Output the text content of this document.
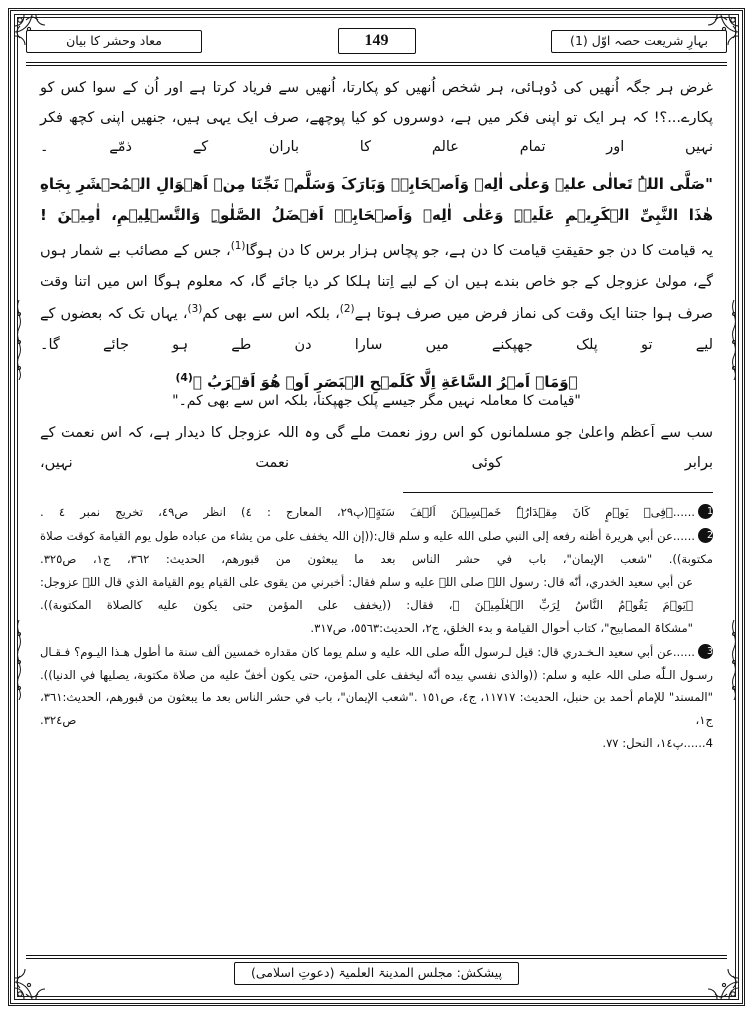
بہارِ شریعت حصہ اوّل (1)
149
معاد وحشر کا بیان

غرض ہر جگہ اُنھیں کی دُوہائی، ہر شخص اُنھیں کو پکارتا، اُنھیں سے فریاد کرتا ہے اور اُن کے سوا کس کو پکارے...؟! کہ ہر ایک تو اپنی فکر میں ہے، دوسروں کو کیا پوچھے، صرف ایک یہی ہیں، جنھیں اپنی کچھ فکر نہیں اور تمام عالم کا باران کے ذمّے ۔

"صَلَّی اللہُ تَعالٰی علیہ وَعلٰی اٰلِهٖ وَاَصۡحَابِہٖ وَبَارَکَ وَسَلَّمۡ نَجِّنَا مِنۡ اَهۡوَالِ الۡمُحۡشَرِ بِجَاهِ هٰذَا النَّبِیِّ الۡکَرِیۡمِ عَلَیۡہِ وَعَلٰی اٰلِهٖ وَاَصۡحَابِہٖ اَفۡضَلُ الصَّلٰوۃِ وَالتَّسۡلِیۡمِ، اٰمِیۡنَ !

یہ قیامت کا دن جو حقیقتِ قیامت کا دن ہے، جو پچاس ہزار برس کا دن ہوگا$^{(1)}$، جس کے مصائب بے شمار ہوں گے، مولیٰ عزوجل کے جو خاص بندے ہیں ان کے لیے اِتنا ہلکا کر دیا جائے گا، کہ معلوم ہوگا اس میں اتنا وقت صرف ہوا جتنا ایک وقت کی نماز فرض میں صرف ہوتا ہے$^{(2)}$، بلکہ اس سے بھی کم$^{(3)}$، یہاں تک کہ بعضوں کے لیے تو پلک جھپکنے میں سارا دن طے ہو جائے گا۔

﴿وَمَاۤ اَمۡرُ السَّاعَةِ اِلَّا کَلَمۡحِ الۡبَصَرِ اَوۡ هُوَ اَقۡرَبُ ﴾$^{(4)}$

"قیامت کا معاملہ نہیں مگر جیسے پلک جھپکنا، بلکہ اس سے بھی کم۔"

سب سے اَعظم واعلیٰ جو مسلمانوں کو اس روز نعمت ملے گی وہ اللہ عزوجل کا دیدار ہے، کہ اس نعمت کے برابر کوئی نعمت نہیں،

1......﴿فِیۡ یَوۡمٍ کَانَ مِقۡدَارُہٗ خَمۡسِیۡنَ اَلۡفَ سَنَةٍ﴾(پ۲۹، المعارج : ٤) انظر ص٤٩، تخریج نمبر ٤ .
2......عن أبي هريرة أظنه رفعه إلى النبي صلى الله عليه و سلم قال:((إن اللہ يخفف على من يشاء من عباده طول يوم القيامة كوقت صلاة مكتوبة)). "شعب الإيمان"، باب في حشر الناس بعد ما يبعثون من قبورهم، الحدیث: ٣٦٢، ج١، ص٣٢٥.
عن أبي سعيد الخدري، أنّه قال: رسول اللہ صلى اللہ عليه و سلم فقال: أخبرني من يقوى على القيام يوم القيامة الذي قال اللہ عزوجل: ﴿یَوۡمَ یَقُوۡمُ النَّاسُ لِرَبِّ الۡعٰلَمِیۡنَ ﴾، فقال: ((يخفف على المؤمن حتى يكون عليه كالصلاة المكتوبة)).
"مشکاۃ المصابیح"، کتاب أحوال القيامة و بدء الخلق، ج٢، الحدیث:٥٥٦٣، ص٣١٧.
3......عن أبي سعيد الـخـدري قال: قيل لـرسول اللّٰه صلى اللہ عليه و سلم يوما كان مقداره خمسين ألف سنة ما أطول هـذا اليـوم؟ فـقـال رسـول الـلّٰه صلى اللہ عليه و سلم: ((والذی نفسي بیده أنّه ليخفف على المؤمن، حتى يكون أخفّ عليه من صلاة مكتوبة، يصلیها في الدنیا)). "المسند" للإمام أحمد بن حنبل، الحدیث: ١١٧١٧، ج٤، ص١٥١ ."شعب الإیمان"، باب في حشر الناس بعد ما يبعثون من قبورهم، الحدیث:٣٦١، ج١، ص٣٢٤.
4......پ١٤، النحل: ٧٧.
پیشکش: مجلس المدینۃ العلمیۃ (دعوتِ اسلامی)
